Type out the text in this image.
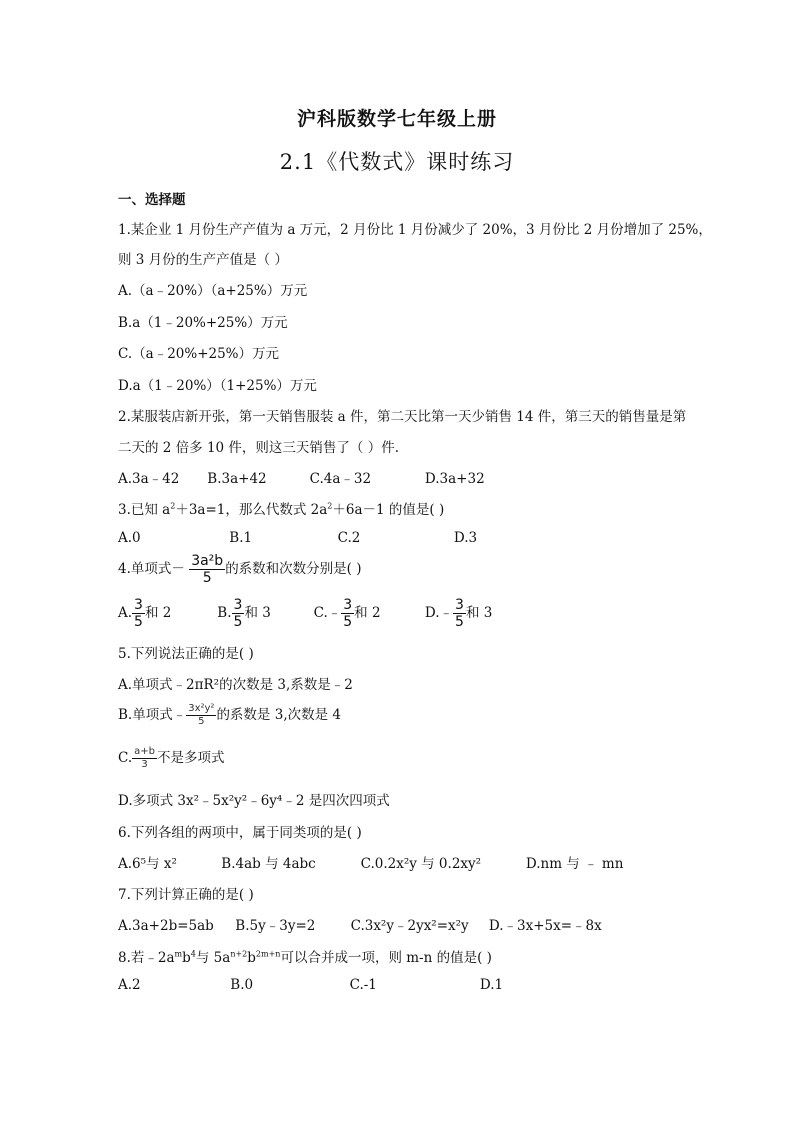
沪科版数学七年级上册
2.1《代数式》课时练习
一、选择题
1.某企业 1 月份生产产值为 a 万元，2 月份比 1 月份减少了 20%，3 月份比 2 月份增加了 25%，
则 3 月份的生产产值是（ ）
A.（a﹣20%）（a+25%）万元
B.a（1﹣20%+25%）万元
C.（a﹣20%+25%）万元
D.a（1﹣20%）（1+25%）万元
2.某服装店新开张，第一天销售服装 a 件，第二天比第一天少销售 14 件，第三天的销售量是第
二天的 2 倍多 10 件，则这三天销售了（ ）件.
A.3a﹣42 B.3a+42	C.4a﹣32	D.3a+32
3.已知 $a^2+3a=1$，那么代数式 $2a^2+6a-1$ 的值是( )
A.0	B.1	C.2	D.3
4.单项式－ $\frac{\text{3a²b}}{5}$ 的系数和次数分别是( )
A. $\frac{3}{5}$ 和 2	B. $\frac{3}{5}$ 和 3	C.﹣ $\frac{3}{5}$ 和 2	D.﹣ $\frac{3}{5}$ 和 3
5.下列说法正确的是( )
A.单项式﹣2πR²的次数是 3,系数是﹣2
B.单项式﹣ $\frac{\text{3x²y²}}{5}$ 的系数是 3,次数是 4
C. $\frac{a+b}{3}$ 不是多项式
D.多项式 3x²﹣5x²y²﹣6y⁴﹣2 是四次四项式
6.下列各组的两项中，属于同类项的是( )
A.6⁵与 x²	B.4ab 与 4abc	C.0.2x²y 与 0.2xy²	D.nm 与 ﹣ mn
7.下列计算正确的是( )
A.3a+2b=5ab B.5y﹣3y=2	C.3x²y﹣2yx²=x²y D.﹣3x+5x=﹣8x
8.若$﹣2a^mb^4$与 $5a^{n+2}b^{2m+n}$可以合并成一项，则 m-n 的值是( )
A.2	B.0	C.-1	D.1
